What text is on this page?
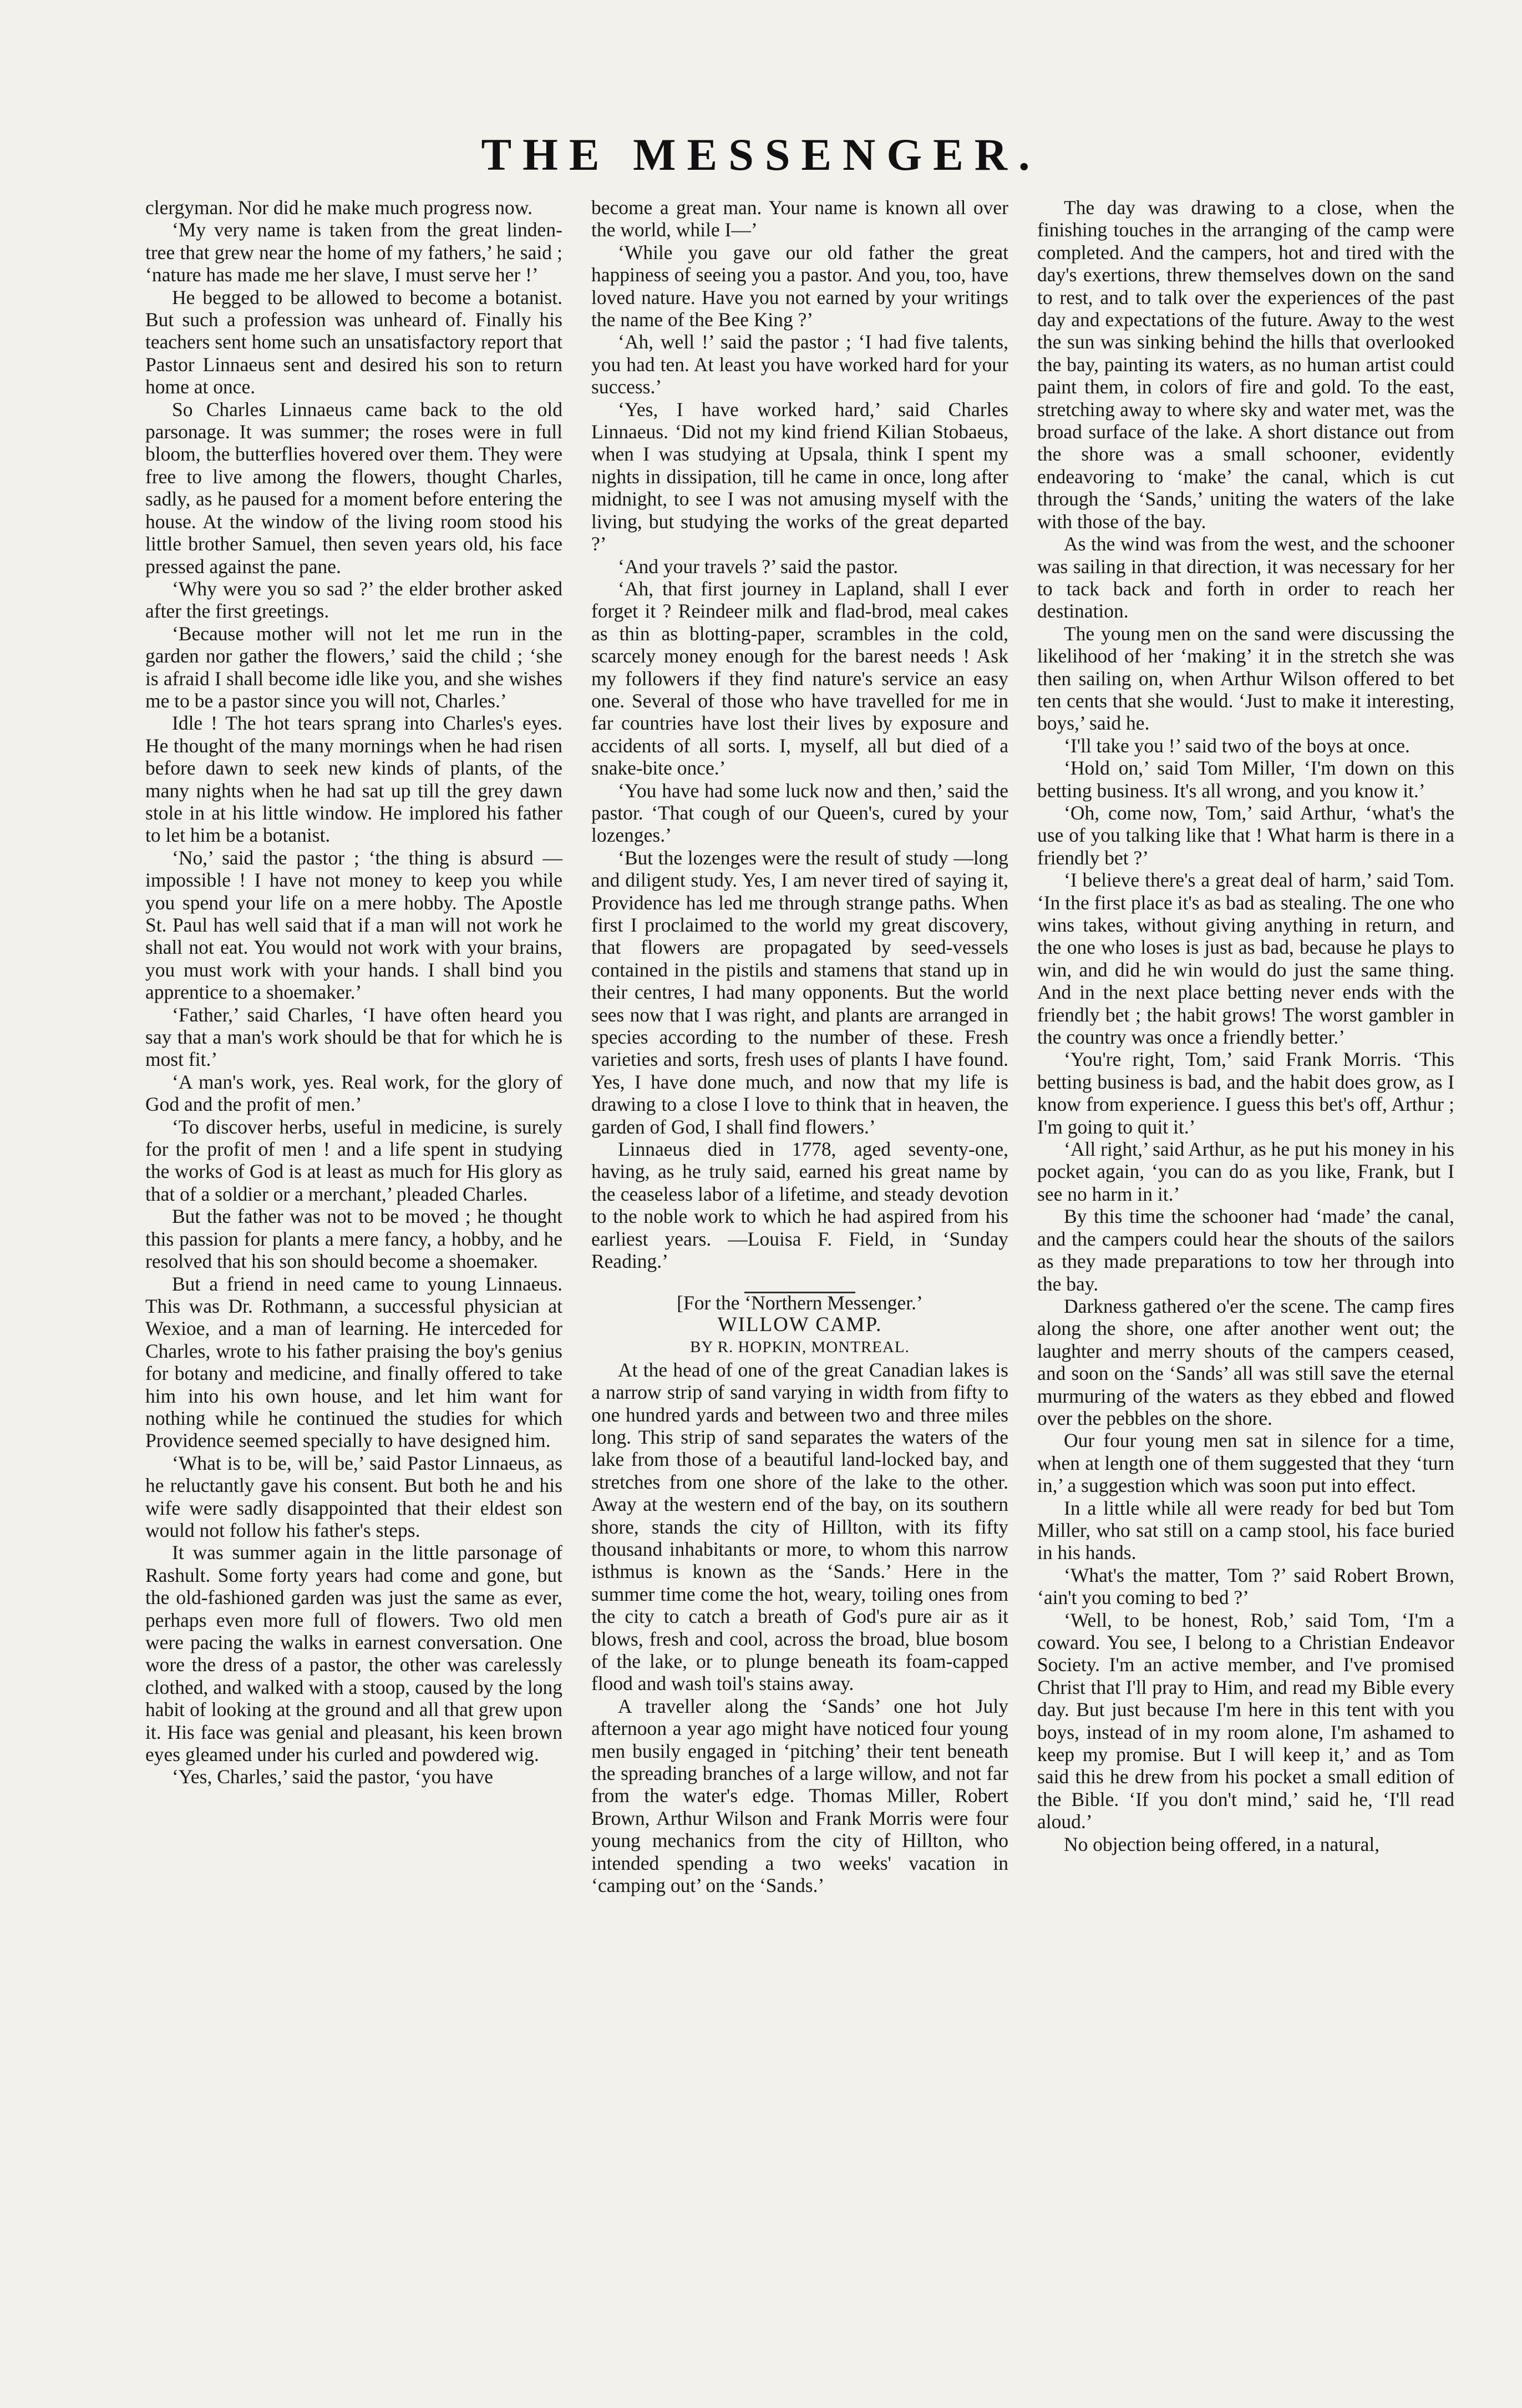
THE MESSENGER.

clergyman. Nor did he make much progress now.

‘My very name is taken from the great linden-tree that grew near the home of my fathers,’ he said ; ‘nature has made me her slave, I must serve her !’

He begged to be allowed to become a botanist. But such a profession was unheard of. Finally his teachers sent home such an unsatisfactory report that Pastor Linnaeus sent and desired his son to return home at once.

So Charles Linnaeus came back to the old parsonage. It was summer; the roses were in full bloom, the butterflies hovered over them. They were free to live among the flowers, thought Charles, sadly, as he paused for a moment before entering the house. At the window of the living room stood his little brother Samuel, then seven years old, his face pressed against the pane.

‘Why were you so sad ?’ the elder brother asked after the first greetings.

‘Because mother will not let me run in the garden nor gather the flowers,’ said the child ; ‘she is afraid I shall become idle like you, and she wishes me to be a pastor since you will not, Charles.’

Idle ! The hot tears sprang into Charles's eyes. He thought of the many mornings when he had risen before dawn to seek new kinds of plants, of the many nights when he had sat up till the grey dawn stole in at his little window. He implored his father to let him be a botanist.

‘No,’ said the pastor ; ‘the thing is absurd —impossible ! I have not money to keep you while you spend your life on a mere hobby. The Apostle St. Paul has well said that if a man will not work he shall not eat. You would not work with your brains, you must work with your hands. I shall bind you apprentice to a shoemaker.’

‘Father,’ said Charles, ‘I have often heard you say that a man's work should be that for which he is most fit.’

‘A man's work, yes. Real work, for the glory of God and the profit of men.’

‘To discover herbs, useful in medicine, is surely for the profit of men ! and a life spent in studying the works of God is at least as much for His glory as that of a soldier or a merchant,’ pleaded Charles.

But the father was not to be moved ; he thought this passion for plants a mere fancy, a hobby, and he resolved that his son should become a shoemaker.

But a friend in need came to young Linnaeus. This was Dr. Rothmann, a successful physician at Wexioe, and a man of learning. He interceded for Charles, wrote to his father praising the boy's genius for botany and medicine, and finally offered to take him into his own house, and let him want for nothing while he continued the studies for which Providence seemed specially to have designed him.

‘What is to be, will be,’ said Pastor Linnaeus, as he reluctantly gave his consent. But both he and his wife were sadly disappointed that their eldest son would not follow his father's steps.

It was summer again in the little parsonage of Rashult. Some forty years had come and gone, but the old-fashioned garden was just the same as ever, perhaps even more full of flowers. Two old men were pacing the walks in earnest conversation. One wore the dress of a pastor, the other was carelessly clothed, and walked with a stoop, caused by the long habit of looking at the ground and all that grew upon it. His face was genial and pleasant, his keen brown eyes gleamed under his curled and powdered wig.

‘Yes, Charles,’ said the pastor, ‘you have

become a great man. Your name is known all over the world, while I—’

‘While you gave our old father the great happiness of seeing you a pastor. And you, too, have loved nature. Have you not earned by your writings the name of the Bee King ?’

‘Ah, well !’ said the pastor ; ‘I had five talents, you had ten. At least you have worked hard for your success.’

‘Yes, I have worked hard,’ said Charles Linnaeus. ‘Did not my kind friend Kilian Stobaeus, when I was studying at Upsala, think I spent my nights in dissipation, till he came in once, long after midnight, to see I was not amusing myself with the living, but studying the works of the great departed ?’

‘And your travels ?’ said the pastor.

‘Ah, that first journey in Lapland, shall I ever forget it ? Reindeer milk and flad-brod, meal cakes as thin as blotting-paper, scrambles in the cold, scarcely money enough for the barest needs ! Ask my followers if they find nature's service an easy one. Several of those who have travelled for me in far countries have lost their lives by exposure and accidents of all sorts. I, myself, all but died of a snake-bite once.’

‘You have had some luck now and then,’ said the pastor. ‘That cough of our Queen's, cured by your lozenges.’

‘But the lozenges were the result of study —long and diligent study. Yes, I am never tired of saying it, Providence has led me through strange paths. When first I proclaimed to the world my great discovery, that flowers are propagated by seed-vessels contained in the pistils and stamens that stand up in their centres, I had many opponents. But the world sees now that I was right, and plants are arranged in species according to the number of these. Fresh varieties and sorts, fresh uses of plants I have found. Yes, I have done much, and now that my life is drawing to a close I love to think that in heaven, the garden of God, I shall find flowers.’

Linnaeus died in 1778, aged seventy-one, having, as he truly said, earned his great name by the ceaseless labor of a lifetime, and steady devotion to the noble work to which he had aspired from his earliest years. —Louisa F. Field, in ‘Sunday Reading.’

[For the ‘Northern Messenger.’

WILLOW CAMP.

BY R. HOPKIN, MONTREAL.

At the head of one of the great Canadian lakes is a narrow strip of sand varying in width from fifty to one hundred yards and between two and three miles long. This strip of sand separates the waters of the lake from those of a beautiful land-locked bay, and stretches from one shore of the lake to the other. Away at the western end of the bay, on its southern shore, stands the city of Hillton, with its fifty thousand inhabitants or more, to whom this narrow isthmus is known as the ‘Sands.’ Here in the summer time come the hot, weary, toiling ones from the city to catch a breath of God's pure air as it blows, fresh and cool, across the broad, blue bosom of the lake, or to plunge beneath its foam-capped flood and wash toil's stains away.

A traveller along the ‘Sands’ one hot July afternoon a year ago might have noticed four young men busily engaged in ‘pitching’ their tent beneath the spreading branches of a large willow, and not far from the water's edge. Thomas Miller, Robert Brown, Arthur Wilson and Frank Morris were four young mechanics from the city of Hillton, who intended spending a two weeks' vacation in ‘camping out’ on the ‘Sands.’

The day was drawing to a close, when the finishing touches in the arranging of the camp were completed. And the campers, hot and tired with the day's exertions, threw themselves down on the sand to rest, and to talk over the experiences of the past day and expectations of the future. Away to the west the sun was sinking behind the hills that overlooked the bay, painting its waters, as no human artist could paint them, in colors of fire and gold. To the east, stretching away to where sky and water met, was the broad surface of the lake. A short distance out from the shore was a small schooner, evidently endeavoring to ‘make’ the canal, which is cut through the ‘Sands,’ uniting the waters of the lake with those of the bay.

As the wind was from the west, and the schooner was sailing in that direction, it was necessary for her to tack back and forth in order to reach her destination.

The young men on the sand were discussing the likelihood of her ‘making’ it in the stretch she was then sailing on, when Arthur Wilson offered to bet ten cents that she would. ‘Just to make it interesting, boys,’ said he.

‘I'll take you !’ said two of the boys at once.

‘Hold on,’ said Tom Miller, ‘I'm down on this betting business. It's all wrong, and you know it.’

‘Oh, come now, Tom,’ said Arthur, ‘what's the use of you talking like that ! What harm is there in a friendly bet ?’

‘I believe there's a great deal of harm,’ said Tom. ‘In the first place it's as bad as stealing. The one who wins takes, without giving anything in return, and the one who loses is just as bad, because he plays to win, and did he win would do just the same thing. And in the next place betting never ends with the friendly bet ; the habit grows! The worst gambler in the country was once a friendly better.’

‘You're right, Tom,’ said Frank Morris. ‘This betting business is bad, and the habit does grow, as I know from experience. I guess this bet's off, Arthur ; I'm going to quit it.’

‘All right,’ said Arthur, as he put his money in his pocket again, ‘you can do as you like, Frank, but I see no harm in it.’

By this time the schooner had ‘made’ the canal, and the campers could hear the shouts of the sailors as they made preparations to tow her through into the bay.

Darkness gathered o'er the scene. The camp fires along the shore, one after another went out; the laughter and merry shouts of the campers ceased, and soon on the ‘Sands’ all was still save the eternal murmuring of the waters as they ebbed and flowed over the pebbles on the shore.

Our four young men sat in silence for a time, when at length one of them suggested that they ‘turn in,’ a suggestion which was soon put into effect.

In a little while all were ready for bed but Tom Miller, who sat still on a camp stool, his face buried in his hands.

‘What's the matter, Tom ?’ said Robert Brown, ‘ain't you coming to bed ?’

‘Well, to be honest, Rob,’ said Tom, ‘I'm a coward. You see, I belong to a Christian Endeavor Society. I'm an active member, and I've promised Christ that I'll pray to Him, and read my Bible every day. But just because I'm here in this tent with you boys, instead of in my room alone, I'm ashamed to keep my promise. But I will keep it,’ and as Tom said this he drew from his pocket a small edition of the Bible. ‘If you don't mind,’ said he, ‘I'll read aloud.’

No objection being offered, in a natural,
